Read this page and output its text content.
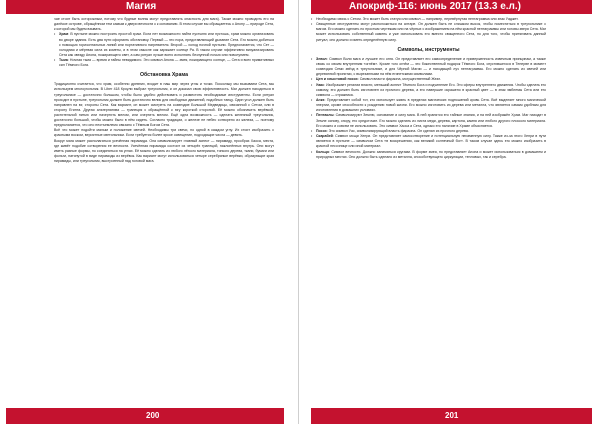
Магия

чае стоит быть осторожным, потому что будные волны могут представлять опасность для мага). Также можно проводить его на далёкое острове, обращённом тем самым к двери вечности к к основанию. В этом случае вы обращаетесь к Апопу — природе Сета, к которой мы будем взывать.

• Храм: В пустыне можно построить простой храм. Если нет возможности найти пустыню или пустошь, храм можно организовать во дворе здания. Есть два пути оформить обстановку. Первый — это нора, представляющий дыхание Сета. Его можно добиться с помощью горизонтальных линий или портативного нагревателя. Второй — холод ночной пустыни. Предполагается, что Сет — холодная и мёртвая сила из кометы, и в этом смысле как заряжает солнце Ра. В таком случае эффективно визуализировать Сета как звезду Апопа, пожирающего свет, а сам ритуал лучше всего исполнять безлунной ночью или новолунием.

• Тьма: Ночная тьма — время и тайны невидимого. Это символ Апопа — змея, пожирающего солнце, — Сета и всех примитивных сил Тёмного Бога.

Обстановка Храма

Традиционно считается, что храм, особенно древних, входит в наш мир через углы и точки. Поскольку мы вызываем Сета, мы используем многоугольник. В Liber 418 Кроули выбрал треугольник, и он доказал свою эффективность. Маг должен находиться в треугольнике — достаточно большом, чтобы было удобно действовать и разместить необходимые инструменты. Если ритуал проходит в пустыне, треугольник должен быть достаточно велик для свободных движений, подобных танцу. Один угол должен быть направлен на юг, стороны Сета. Как вариант, он может смотреть на созвездие Большой Медведицы, связанной с Сетом, или в сторону Египта. Другая альтернатива — трапеция с обращённой к югу короткой стороной. Её можно обозначить верёвкой, растительной нитью или начертить мелом, или очертить мелом. Ещё одна возможность — сделать железный треугольник, достаточно большой, чтобы можно было в нём сидеть. Согласно традиции, о железе не небес сотворено из железа, — поэтому предполагается, что оно неотъемлемо связано с Тёмным Богом Сета.

Всё что может подойти малым и положение свечей. Необходимы три свечи, по одной в каждом углу. Их стоит изобразить с красными воском, вероятные светильники. Если требуется более яркое освещение, подходящие числа — девять.

Вокруг мага может располагаться усечённая пирамида. Она символизирует главный аспект — пирамиду, прообраз Хаоса, места, где живёт подобие сотворения ее вечности. Усечённая пирамида состоит из четырёх трапеций, наклонённых внутрь. Они могут иметь разные формы, но соединяться на углах. Её можно сделать из любого лёгкого материала, тонкого дерева, ткани, бумаги или фольги, натянутой в виде пирамиды из верёвок. Как вариант могут использоваться четыре серебряные верёвки, образующие края пирамиды, или треугольник, выстроенный над головой мага.

200
Апокриф-116: июнь 2017 (13.3 е.л.)

• Необходимо связь с Сетом. Это может быть статуя или символ — например, перевёрнутая пентаграмма или знак Уаджет.

• Священные инструменты могут расположиться на алтаре. Он должен быть не слишком высок, чтобы поместиться в треугольнике с магом. Его можно сделать по простым чертежам или на чёрных с изображением на нём красной пентаграммы или головы зверя Сета. Маг может использовать собственный камень и уже использовать его вместо священного Сета, но для того, чтобы притягивать данный ритуал, оно должно и иметь определённую силу.

Символы, инструменты

• Зевол: Символ Воли мага и лучшее его огня. Он представляет его самоопределение и приверженность извечным принципам, а также связь со своим внутренним «огнём». Кроме того огнём — это божественный подарок Тёмного Бога, спустившегося в Тенерве в момент созвездия Семи звёзд в треугольнике, и для Чёрной Магии — и находящей луч пентаграммы. Его можно сделать из свечей или деревянной пропитки, с вырезанными на нём египетскими символами.

• Цеп и хлыстовой посох: Символ власти фараона, могущественный Жезл.

• Уаас: Изображает регалии власти, меньший аспект Тёмного Бога и подчинение Его. Это сферы внутреннего движения. Чтобы сделать его самому, его должен быть изготовлен из прочного дерева, а его навершие окрашено в красный цвет — в знак эмблемы Сета или его символа — стражника.

• Анкх: Представляет собой тот, кто использует жизнь в пределах магических подношений кровь Сета. Всё выделяет много магической энергии, кроме способности к рождению новой жизни. Его можно изготовить из дерева или металла, что является самым удобным для изготовления в домашних условиях.

• Пентаклы: Символизируют Землю, основание и силу мага. В ней хранятся его тайные знания, и на ней изображён Храм. Маг находит в Земле основу, опору, его средоточие. Его можно сделать из листа меди, дерева, картона, камня или любого другого плоского материала. Его можно и совсем не использовать. Это символ Хаоса и Сета, однако его наличие в Храме объясняется.

• Посох: Это символ Уас, символизирующий власть фараона. Он сделан из прочного дерева.

• Скарабей: Символ мощи Хепри. Он представляет самосотворение и потенциальную неизменную силу. Также из-за этого Хепри в пути является в пустыне — символом Сета «в воскрешении, как великий солнечный бог». В таком случае здесь его можно изобразить в красной песочнице или иной материал.

• Кольцо: Символ вечности. Должно заниматься кругами. В форме змея, но представляет Апопа и может использоваться в домашнем и природных местах. Оно должно быть сделано из металла, способствующего циркуляции, тепловых, так и серебра.

201
